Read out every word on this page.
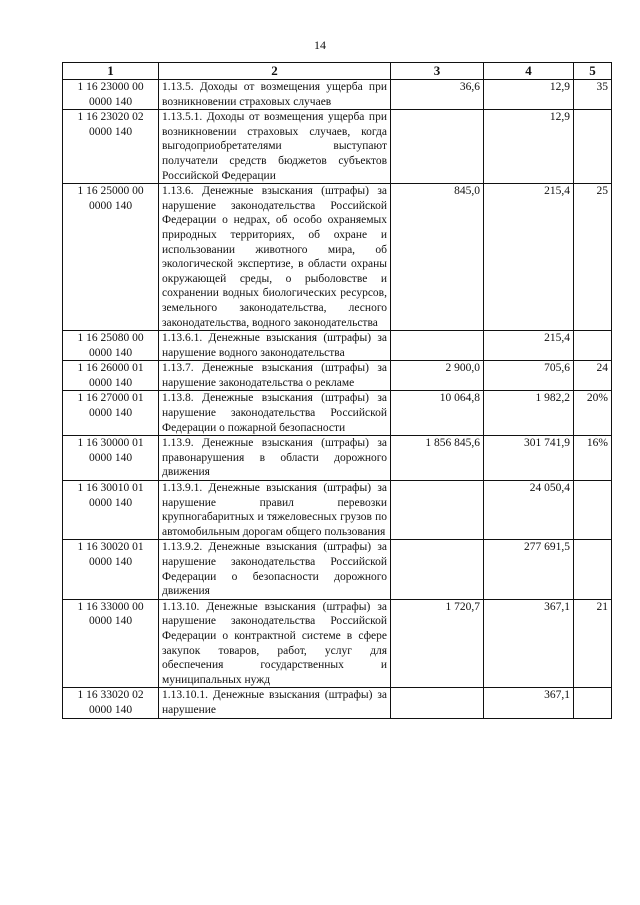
14
1	2	3	4	5
1 16 23000 00 0000 140	1.13.5. Доходы от возмещения ущерба при возникновении страховых случаев	36,6	12,9	35
1 16 23020 02 0000 140	1.13.5.1. Доходы от возмещения ущерба при возникновении страховых случаев, когда выгодоприобретателями выступают получатели средств бюджетов субъектов Российской Федерации		12,9	
1 16 25000 00 0000 140	1.13.6. Денежные взыскания (штрафы) за нарушение законодательства Российской Федерации о недрах, об особо охраняемых природных территориях, об охране и использовании животного мира, об экологической экспертизе, в области охраны окружающей среды, о рыболовстве и сохранении водных биологических ресурсов, земельного законодательства, лесного законодательства, водного законодательства	845,0	215,4	25
1 16 25080 00 0000 140	1.13.6.1. Денежные взыскания (штрафы) за нарушение водного законодательства		215,4	
1 16 26000 01 0000 140	1.13.7. Денежные взыскания (штрафы) за нарушение законодательства о рекламе	2 900,0	705,6	24
1 16 27000 01 0000 140	1.13.8. Денежные взыскания (штрафы) за нарушение законодательства Российской Федерации о пожарной безопасности	10 064,8	1 982,2	20%
1 16 30000 01 0000 140	1.13.9. Денежные взыскания (штрафы) за правонарушения в области дорожного движения	1 856 845,6	301 741,9	16%
1 16 30010 01 0000 140	1.13.9.1. Денежные взыскания (штрафы) за нарушение правил перевозки крупногабаритных и тяжеловесных грузов по автомобильным дорогам общего пользования		24 050,4	
1 16 30020 01 0000 140	1.13.9.2. Денежные взыскания (штрафы) за нарушение законодательства Российской Федерации о безопасности дорожного движения		277 691,5	
1 16 33000 00 0000 140	1.13.10. Денежные взыскания (штрафы) за нарушение законодательства Российской Федерации о контрактной системе в сфере закупок товаров, работ, услуг для обеспечения государственных и муниципальных нужд	1 720,7	367,1	21
1 16 33020 02 0000 140	1.13.10.1. Денежные взыскания (штрафы) за нарушение		367,1	
